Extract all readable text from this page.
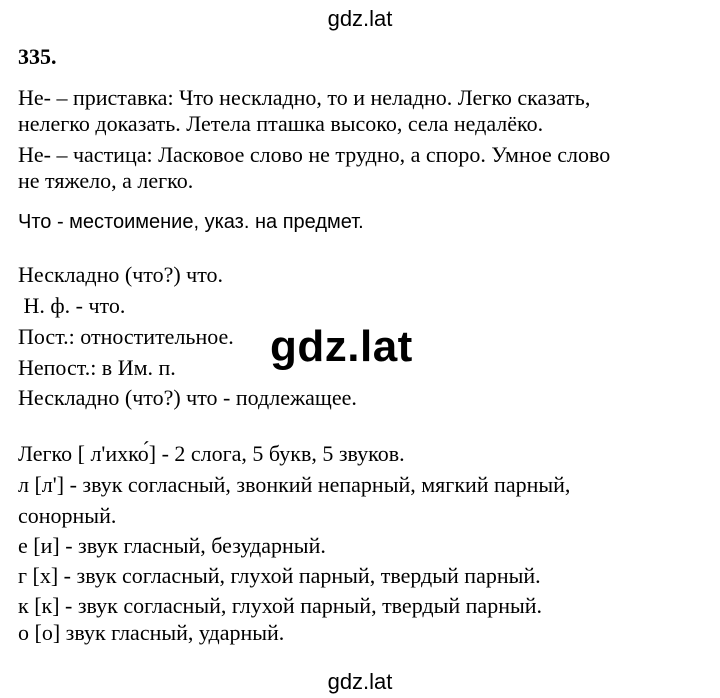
gdz.lat
335.
Не- – приставка: Что нескладно, то и неладно. Легко сказать,
нелегко доказать. Летела пташка высоко, села недалёко.
Не- – частица: Ласковое слово не трудно, а споро. Умное слово
не тяжело, а легко.
Что - местоимение, указ. на предмет.
Нескладно (что?) что.
Н. ф. - что.
Пост.: отностительное.
Непост.: в Им. п.
Нескладно (что?) что - подлежащее.
Легко [ л'ихко́] - 2 слога, 5 букв, 5 звуков.
л [л'] - звук согласный, звонкий непарный, мягкий парный,
сонорный.
е [и] - звук гласный, безударный.
г [х] - звук согласный, глухой парный, твердый парный.
к [к] - звук согласный, глухой парный, твердый парный.
о [о] звук гласный, ударный.
gdz.lat
gdz.lat
